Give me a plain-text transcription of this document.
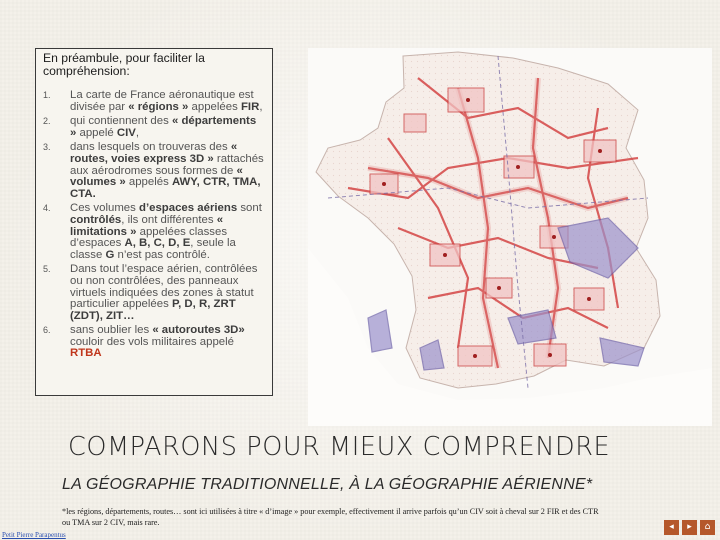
En préambule, pour faciliter la compréhension:
1. La carte de France aéronautique est divisée par « régions » appelées FIR,
2. qui contiennent des « départements » appelé CIV,
3. dans lesquels on trouveras des « routes, voies express 3D » rattachés aux aérodromes sous formes de « volumes » appelés AWY, CTR, TMA, CTA.
4. Ces volumes d’espaces aériens sont contrôlés, ils ont différentes « limitations » appelées classes d’espaces A, B, C, D, E, seule la classe G n’est pas contrôlé.
5. Dans tout l’espace aérien, contrôlées ou non contrôlées, des panneaux virtuels indiquées des zones à statut particulier appelées P, D, R, ZRT (ZDT), ZIT…
6. sans oublier les « autoroutes 3D» couloir des vols militaires appelé RTBA
COMPARONS POUR MIEUX COMPRENDRE
LA GÉOGRAPHIE TRADITIONNELLE, À LA GÉOGRAPHIE AÉRIENNE*
*les régions, départements, routes… sont ici utilisées à titre « d’image » pour exemple, effectivement il arrive parfois qu’un CIV soit à cheval sur 2 FIR et des CTR ou TMA sur 2 CIV, mais rare.
Petit Pierre Parapentus
◂	▸	⌂
